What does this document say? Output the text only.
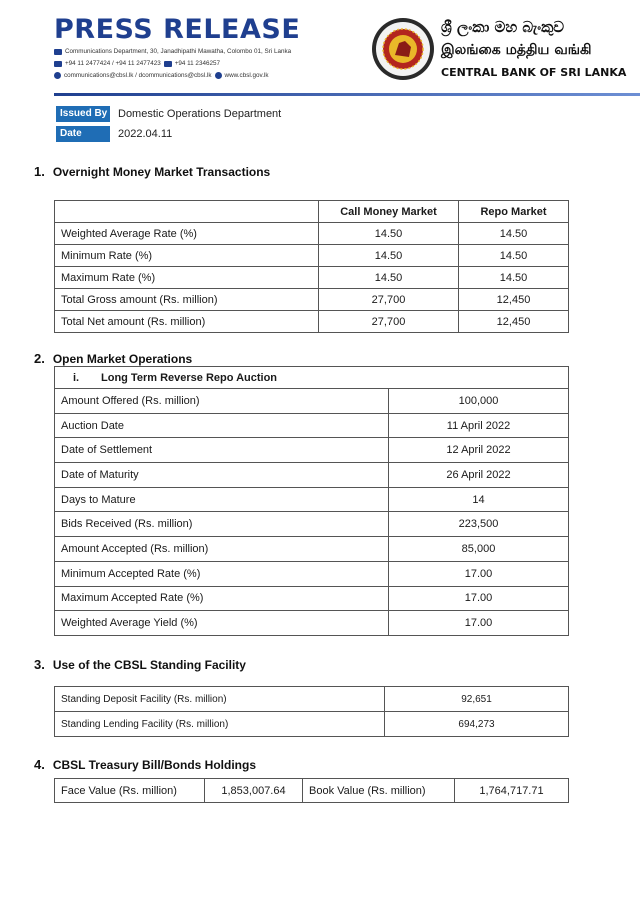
PRESS RELEASE
Communications Department, 30, Janadhipathi Mawatha, Colombo 01, Sri Lanka
+94 11 2477424 / +94 11 2477423 +94 11 2346257
communications@cbsl.lk / dcommunications@cbsl.lk www.cbsl.gov.lk
ශ්‍රී ලංකා මහ බැංකුව
இலங்கை மத்திய வங்கி
CENTRAL BANK OF SRI LANKA
Issued By Domestic Operations Department
Date	2022.04.11
1. Overnight Money Market Transactions
	Call Money Market	Repo Market
Weighted Average Rate (%)	14.50	14.50
Minimum Rate (%)	14.50	14.50
Maximum Rate (%)	14.50	14.50
Total Gross amount (Rs. million)	27,700	12,450
Total Net amount (Rs. million)	27,700	12,450
2. Open Market Operations
i. Long Term Reverse Repo Auction	
Amount Offered (Rs. million)	100,000
Auction Date	11 April 2022
Date of Settlement	12 April 2022
Date of Maturity	26 April 2022
Days to Mature	14
Bids Received (Rs. million)	223,500
Amount Accepted (Rs. million)	85,000
Minimum Accepted Rate (%)	17.00
Maximum Accepted Rate (%)	17.00
Weighted Average Yield (%)	17.00
3. Use of the CBSL Standing Facility
Standing Deposit Facility (Rs. million)	92,651
Standing Lending Facility (Rs. million)	694,273
4. CBSL Treasury Bill/Bonds Holdings
Face Value (Rs. million)	1,853,007.64	Book Value (Rs. million)	1,764,717.71
